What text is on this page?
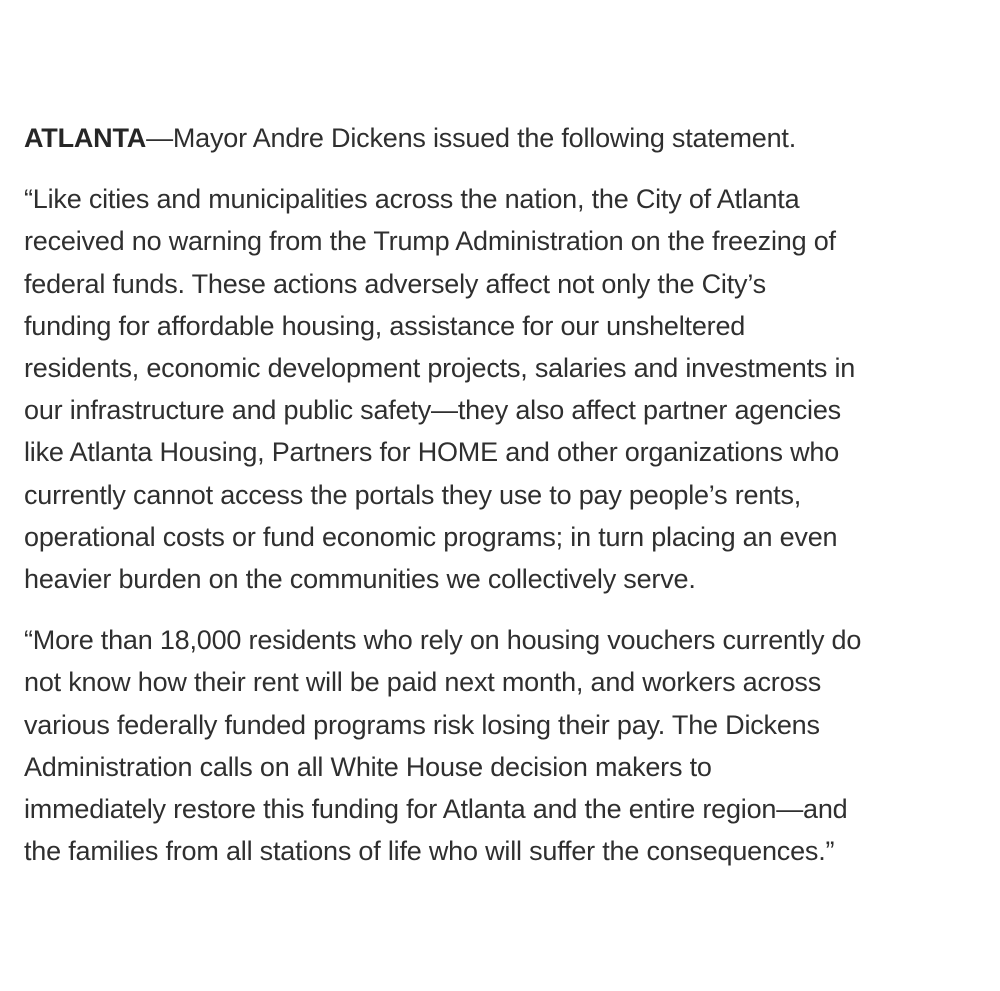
ATLANTA—Mayor Andre Dickens issued the following statement.

“Like cities and municipalities across the nation, the City of Atlanta
received no warning from the Trump Administration on the freezing of
federal funds. These actions adversely affect not only the City’s
funding for affordable housing, assistance for our unsheltered
residents, economic development projects, salaries and investments in
our infrastructure and public safety—they also affect partner agencies
like Atlanta Housing, Partners for HOME and other organizations who
currently cannot access the portals they use to pay people’s rents,
operational costs or fund economic programs; in turn placing an even
heavier burden on the communities we collectively serve.

“More than 18,000 residents who rely on housing vouchers currently do
not know how their rent will be paid next month, and workers across
various federally funded programs risk losing their pay. The Dickens
Administration calls on all White House decision makers to
immediately restore this funding for Atlanta and the entire region—and
the families from all stations of life who will suffer the consequences.”
